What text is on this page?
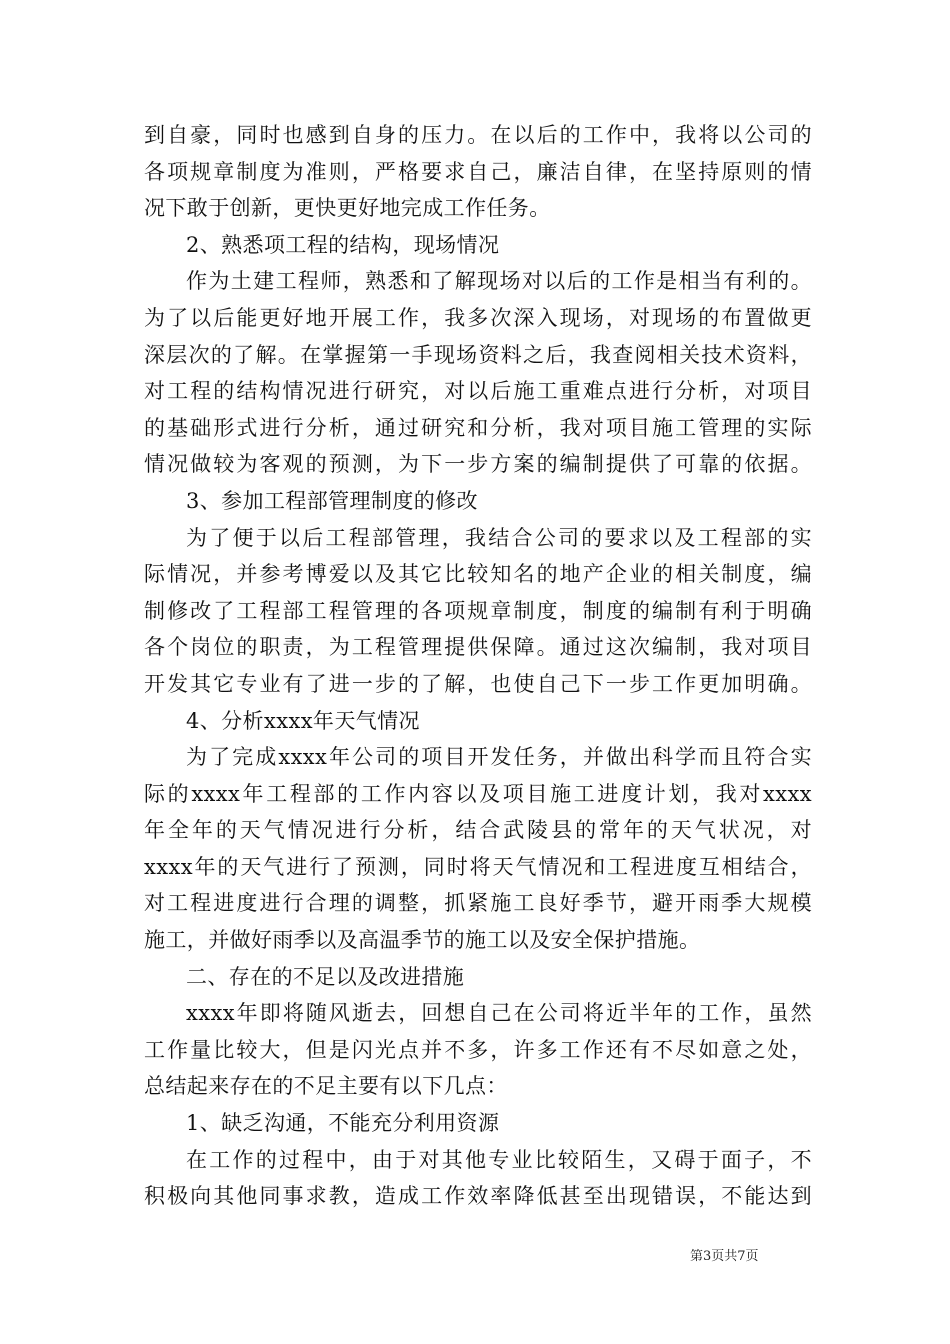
到自豪，同时也感到自身的压力。在以后的工作中，我将以公司的
各项规章制度为准则，严格要求自己，廉洁自律，在坚持原则的情
况下敢于创新，更快更好地完成工作任务。
2、熟悉项工程的结构，现场情况
作为土建工程师，熟悉和了解现场对以后的工作是相当有利的。
为了以后能更好地开展工作，我多次深入现场，对现场的布置做更
深层次的了解。在掌握第一手现场资料之后，我查阅相关技术资料，
对工程的结构情况进行研究，对以后施工重难点进行分析，对项目
的基础形式进行分析，通过研究和分析，我对项目施工管理的实际
情况做较为客观的预测，为下一步方案的编制提供了可靠的依据。
3、参加工程部管理制度的修改
为了便于以后工程部管理，我结合公司的要求以及工程部的实
际情况，并参考博爱以及其它比较知名的地产企业的相关制度，编
制修改了工程部工程管理的各项规章制度，制度的编制有利于明确
各个岗位的职责，为工程管理提供保障。通过这次编制，我对项目
开发其它专业有了进一步的了解，也使自己下一步工作更加明确。
4、分析xxxx年天气情况
为了完成xxxx年公司的项目开发任务，并做出科学而且符合实
际的xxxx年工程部的工作内容以及项目施工进度计划，我对xxxx
年全年的天气情况进行分析，结合武陵县的常年的天气状况，对
xxxx年的天气进行了预测，同时将天气情况和工程进度互相结合，
对工程进度进行合理的调整，抓紧施工良好季节，避开雨季大规模
施工，并做好雨季以及高温季节的施工以及安全保护措施。
二、存在的不足以及改进措施
xxxx年即将随风逝去，回想自己在公司将近半年的工作，虽然
工作量比较大，但是闪光点并不多，许多工作还有不尽如意之处，
总结起来存在的不足主要有以下几点：
1、缺乏沟通，不能充分利用资源
在工作的过程中，由于对其他专业比较陌生，又碍于面子，不
积极向其他同事求教，造成工作效率降低甚至出现错误，不能达到
第3页共7页
